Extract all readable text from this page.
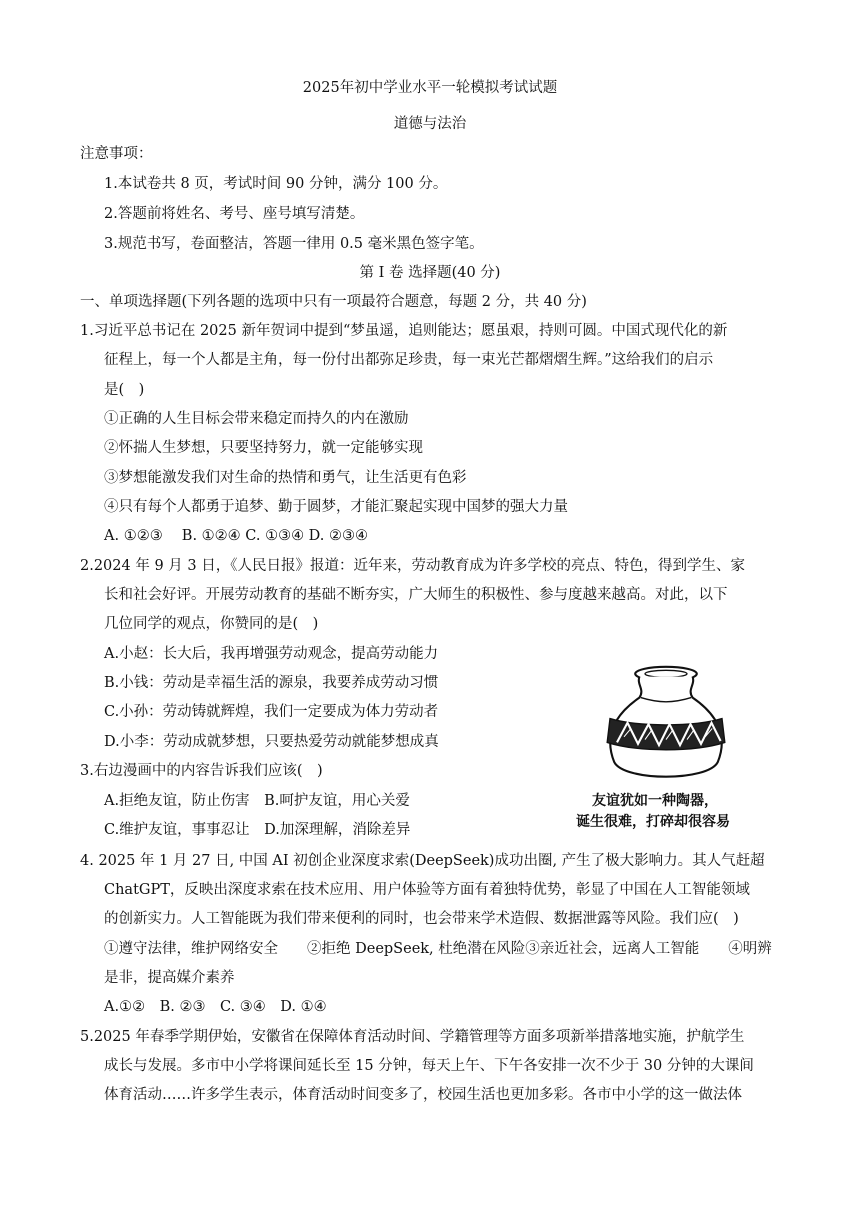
2025年初中学业水平一轮模拟考试试题
道德与法治
注意事项：
1.本试卷共 8 页，考试时间 90 分钟，满分 100 分。
2.答题前将姓名、考号、座号填写清楚。
3.规范书写，卷面整洁，答题一律用 0.5 毫米黑色签字笔。
第 I 卷 选择题(40 分)
一、单项选择题(下列各题的选项中只有一项最符合题意，每题 2 分，共 40 分)
1.习近平总书记在 2025 新年贺词中提到“梦虽遥，追则能达；愿虽艰，持则可圆。中国式现代化的新
征程上，每一个人都是主角，每一份付出都弥足珍贵，每一束光芒都熠熠生辉。”这给我们的启示
是(　)
①正确的人生目标会带来稳定而持久的内在激励
②怀揣人生梦想，只要坚持努力，就一定能够实现
③梦想能激发我们对生命的热情和勇气，让生活更有色彩
④只有每个人都勇于追梦、勤于圆梦，才能汇聚起实现中国梦的强大力量
A. ①②③　 B. ①②④ C. ①③④ D. ②③④
2.2024 年 9 月 3 日，《人民日报》报道：近年来，劳动教育成为许多学校的亮点、特色，得到学生、家
长和社会好评。开展劳动教育的基础不断夯实，广大师生的积极性、参与度越来越高。对此，以下
几位同学的观点，你赞同的是(　)
A.小赵：长大后，我再增强劳动观念，提高劳动能力
B.小钱：劳动是幸福生活的源泉，我要养成劳动习惯
C.小孙：劳动铸就辉煌，我们一定要成为体力劳动者
D.小李：劳动成就梦想，只要热爱劳动就能梦想成真
3.右边漫画中的内容告诉我们应该(　)
A.拒绝友谊，防止伤害　B.呵护友谊，用心关爱
C.维护友谊，事事忍让　D.加深理解，消除差异
友谊犹如一种陶器，
诞生很难，打碎却很容易
4. 2025 年 1 月 27 日, 中国 AI 初创企业深度求索(DeepSeek)成功出圈, 产生了极大影响力。其人气赶超
ChatGPT，反映出深度求索在技术应用、用户体验等方面有着独特优势，彰显了中国在人工智能领域
的创新实力。人工智能既为我们带来便利的同时，也会带来学术造假、数据泄露等风险。我们应(　)
①遵守法律，维护网络安全　　②拒绝 DeepSeek, 杜绝潜在风险③亲近社会，远离人工智能　　④明辨
是非，提高媒介素养
A.①②　B. ②③　C. ③④　D. ①④
5.2025 年春季学期伊始，安徽省在保障体育活动时间、学籍管理等方面多项新举措落地实施，护航学生
成长与发展。多市中小学将课间延长至 15 分钟，每天上午、下午各安排一次不少于 30 分钟的大课间
体育活动……许多学生表示，体育活动时间变多了，校园生活也更加多彩。各市中小学的这一做法体
